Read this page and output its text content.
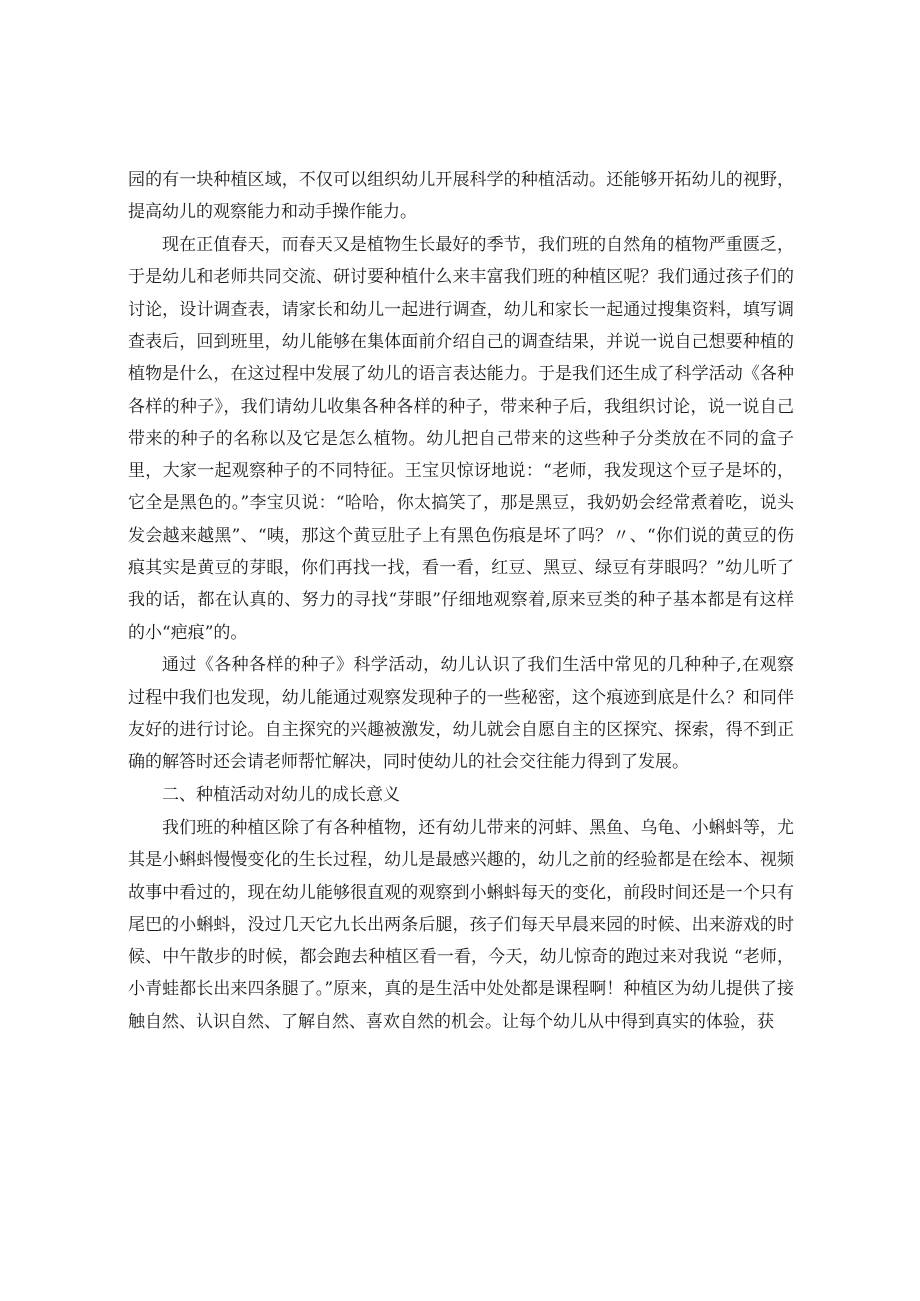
园的有一块种植区域，不仅可以组织幼儿开展科学的种植活动。还能够开拓幼儿的视野，提高幼儿的观察能力和动手操作能力。

现在正值春天，而春天又是植物生长最好的季节，我们班的自然角的植物严重匮乏，于是幼儿和老师共同交流、研讨要种植什么来丰富我们班的种植区呢？我们通过孩子们的讨论，设计调查表，请家长和幼儿一起进行调查，幼儿和家长一起通过搜集资料，填写调查表后，回到班里，幼儿能够在集体面前介绍自己的调查结果，并说一说自己想要种植的植物是什么，在这过程中发展了幼儿的语言表达能力。于是我们还生成了科学活动《各种各样的种子》，我们请幼儿收集各种各样的种子，带来种子后，我组织讨论，说一说自己带来的种子的名称以及它是怎么植物。幼儿把自己带来的这些种子分类放在不同的盒子里，大家一起观察种子的不同特征。王宝贝惊讶地说：“老师，我发现这个豆子是坏的，它全是黑色的。”李宝贝说：“哈哈，你太搞笑了，那是黑豆，我奶奶会经常煮着吃，说头发会越来越黑”、“咦，那这个黄豆肚子上有黑色伤痕是坏了吗？〃、“你们说的黄豆的伤痕其实是黄豆的芽眼，你们再找一找，看一看，红豆、黑豆、绿豆有芽眼吗？”幼儿听了我的话，都在认真的、努力的寻找“芽眼”仔细地观察着,原来豆类的种子基本都是有这样的小“疤痕”的。

通过《各种各样的种子》科学活动，幼儿认识了我们生活中常见的几种种子,在观察过程中我们也发现，幼儿能通过观察发现种子的一些秘密，这个痕迹到底是什么？和同伴友好的进行讨论。自主探究的兴趣被激发，幼儿就会自愿自主的区探究、探索，得不到正确的解答时还会请老师帮忙解决，同时使幼儿的社会交往能力得到了发展。

二、种植活动对幼儿的成长意义

我们班的种植区除了有各种植物，还有幼儿带来的河蚌、黑鱼、乌龟、小蝌蚪等，尤其是小蝌蚪慢慢变化的生长过程，幼儿是最感兴趣的，幼儿之前的经验都是在绘本、视频故事中看过的，现在幼儿能够很直观的观察到小蝌蚪每天的变化，前段时间还是一个只有尾巴的小蝌蚪，没过几天它九长出两条后腿，孩子们每天早晨来园的时候、出来游戏的时候、中午散步的时候，都会跑去种植区看一看，今天，幼儿惊奇的跑过来对我说 “老师，小青蛙都长出来四条腿了。”原来，真的是生活中处处都是课程啊！种植区为幼儿提供了接触自然、认识自然、了解自然、喜欢自然的机会。让每个幼儿从中得到真实的体验，获
